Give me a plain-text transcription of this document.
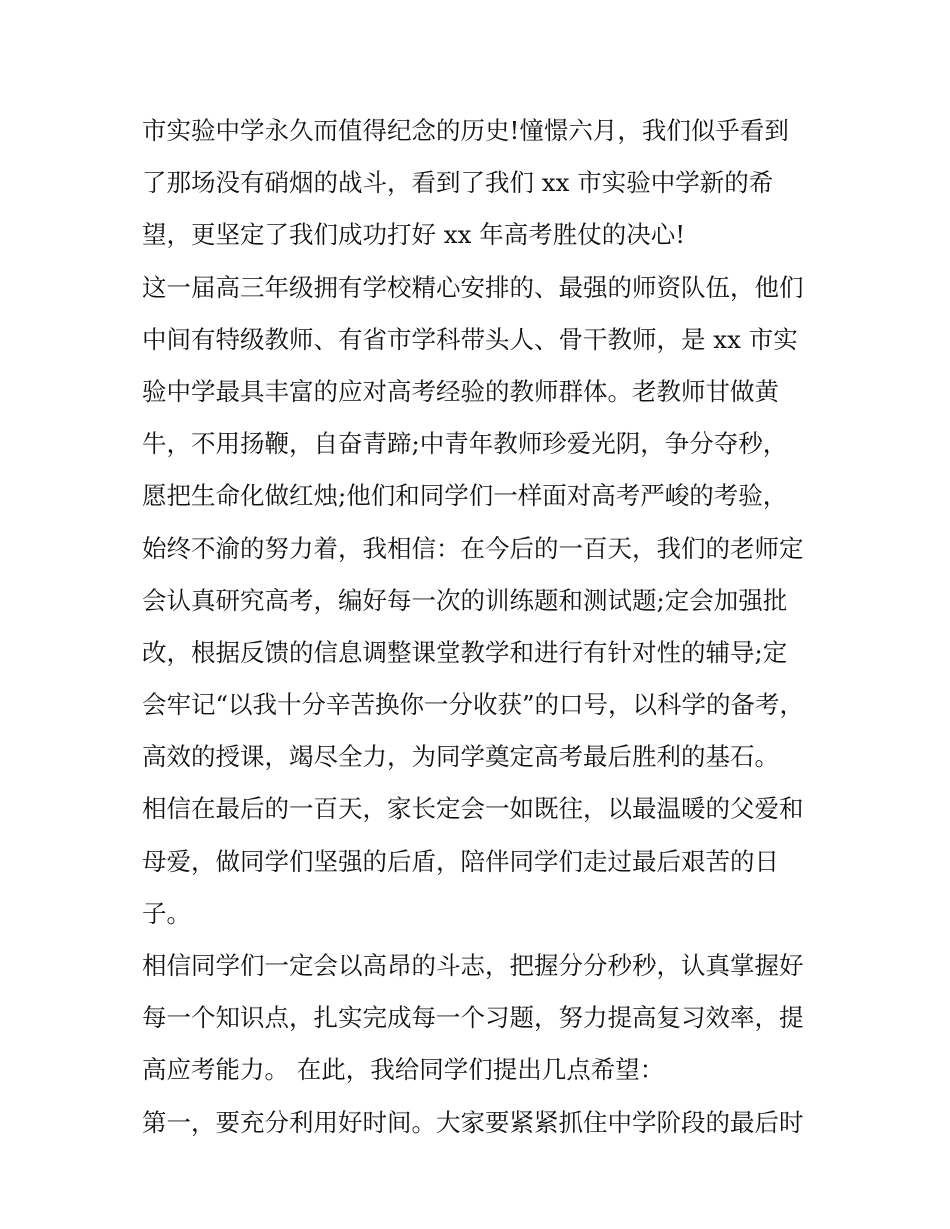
市实验中学永久而值得纪念的历史!憧憬六月，我们似乎看到
了那场没有硝烟的战斗，看到了我们 xx 市实验中学新的希
望，更坚定了我们成功打好 xx 年高考胜仗的决心!
这一届高三年级拥有学校精心安排的、最强的师资队伍，他们
中间有特级教师、有省市学科带头人、骨干教师，是 xx 市实
验中学最具丰富的应对高考经验的教师群体。老教师甘做黄
牛，不用扬鞭，自奋青蹄;中青年教师珍爱光阴，争分夺秒，
愿把生命化做红烛;他们和同学们一样面对高考严峻的考验，
始终不渝的努力着，我相信：在今后的一百天，我们的老师定
会认真研究高考，编好每一次的训练题和测试题;定会加强批
改，根据反馈的信息调整课堂教学和进行有针对性的辅导;定
会牢记“以我十分辛苦换你一分收获”的口号，以科学的备考，
高效的授课，竭尽全力，为同学奠定高考最后胜利的基石。
相信在最后的一百天，家长定会一如既往，以最温暖的父爱和
母爱，做同学们坚强的后盾，陪伴同学们走过最后艰苦的日
子。
相信同学们一定会以高昂的斗志，把握分分秒秒，认真掌握好
每一个知识点，扎实完成每一个习题，努力提高复习效率，提
高应考能力。 在此，我给同学们提出几点希望：
第一，要充分利用好时间。大家要紧紧抓住中学阶段的最后时
